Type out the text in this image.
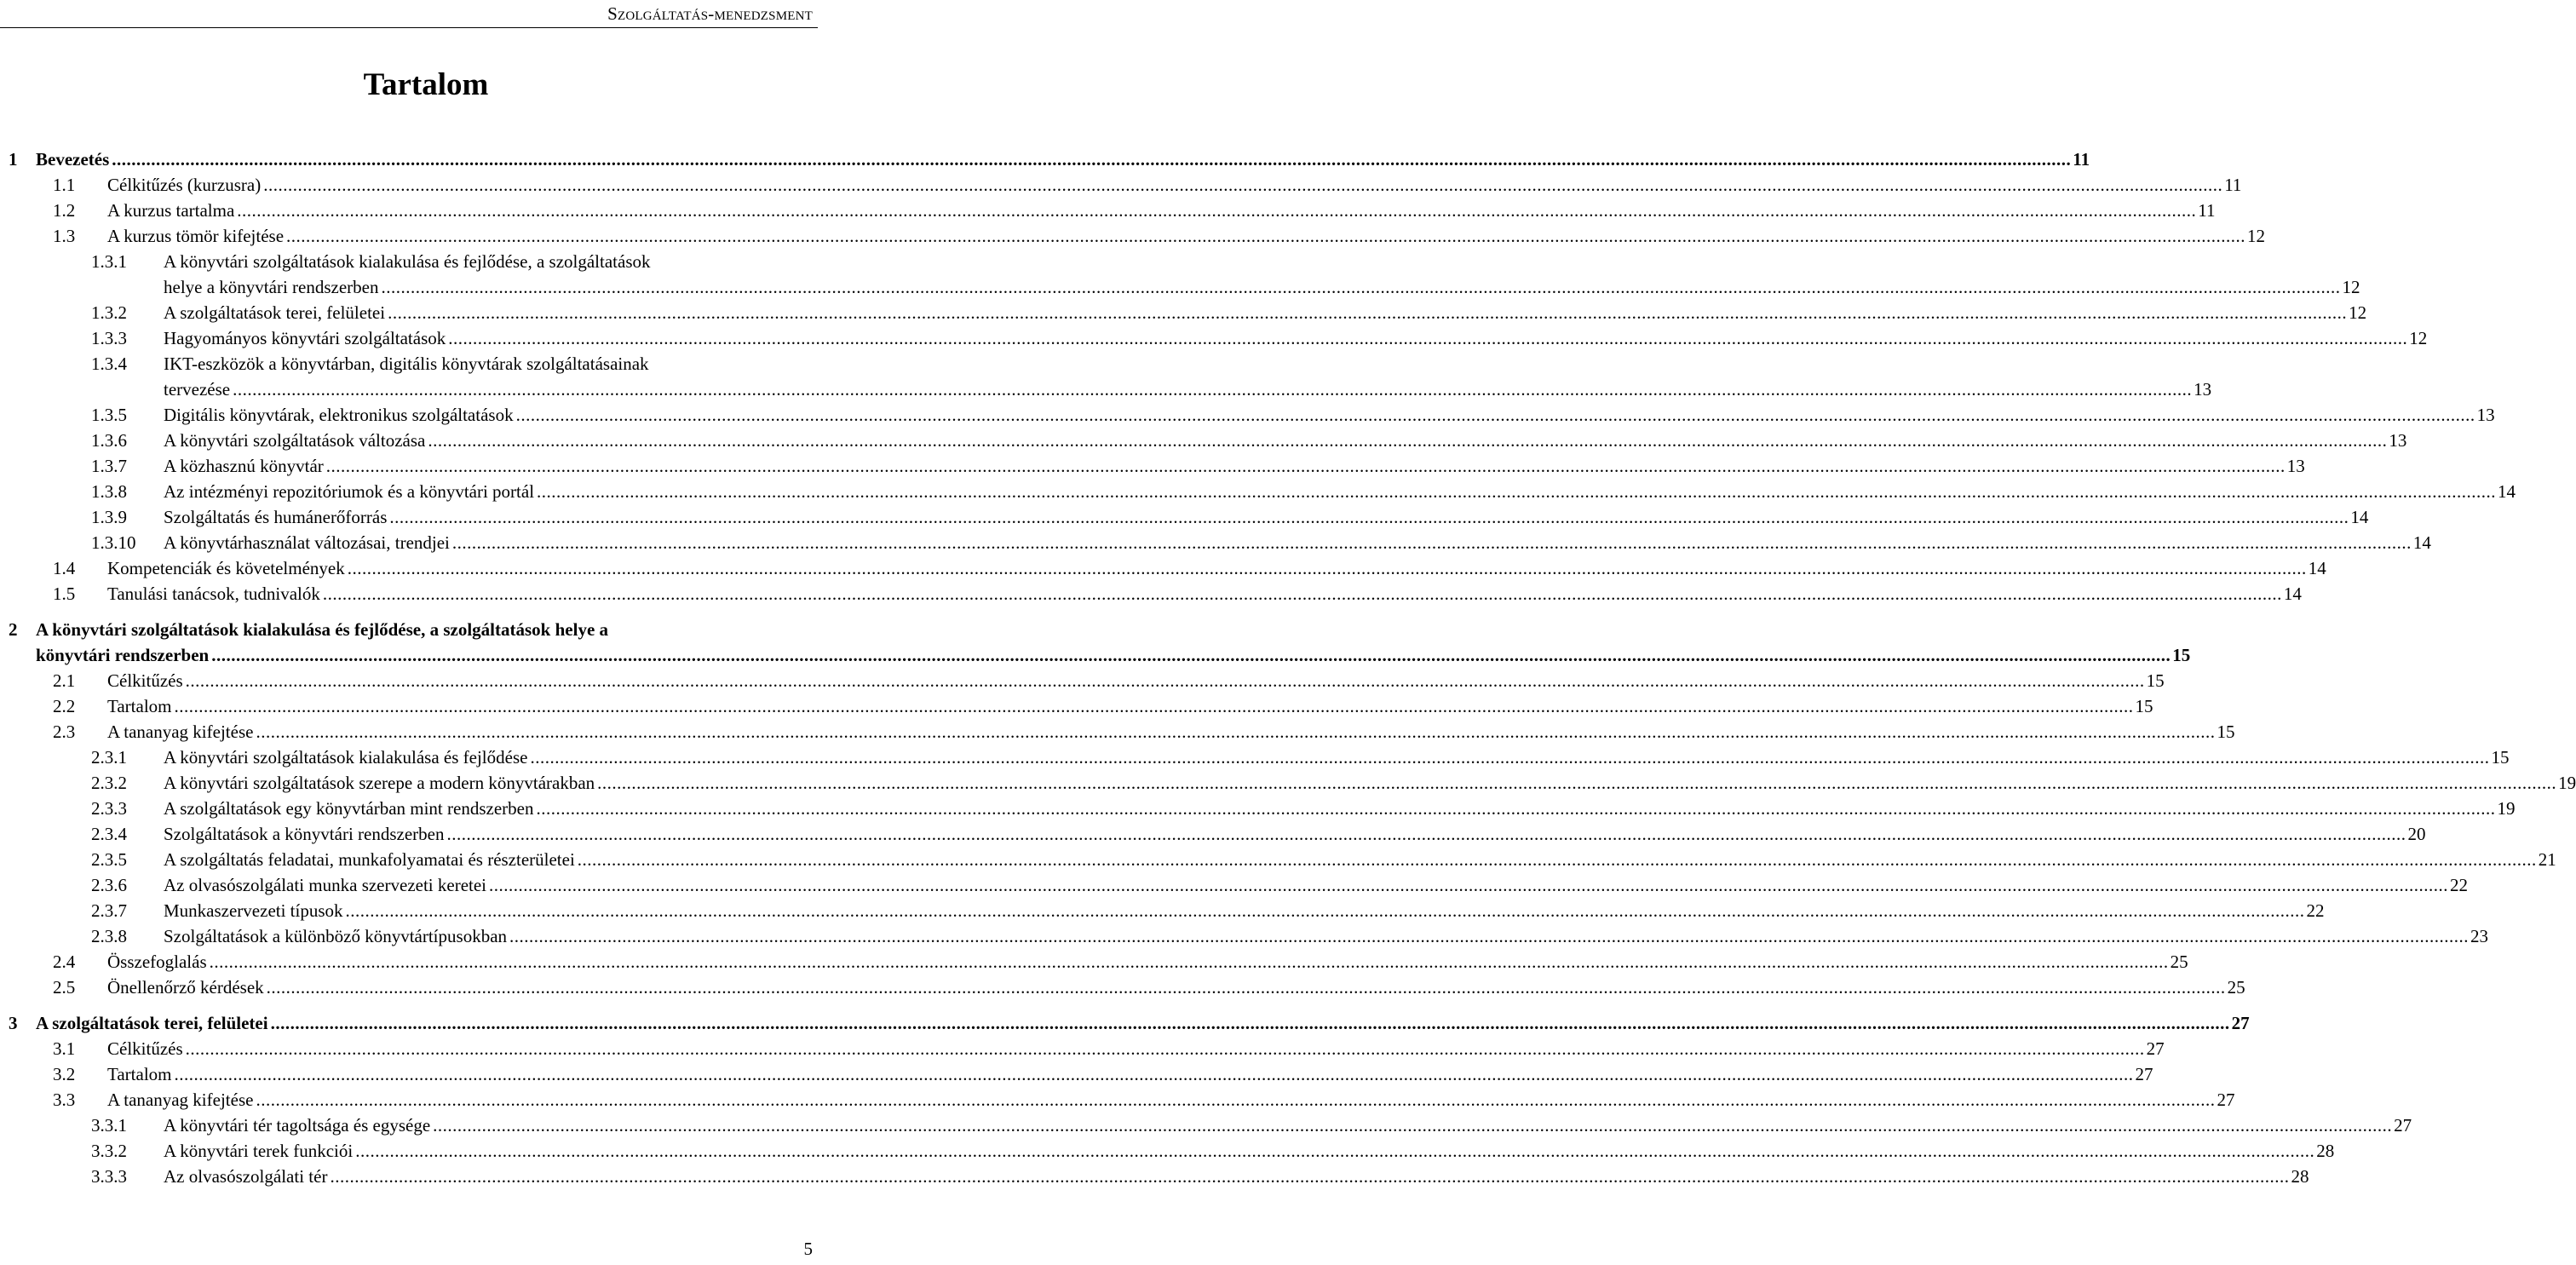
Szolgáltatás-menedzsment
Tartalom
1 Bevezetés ................................................................................................................................................................................................................................................................................................................................................................................................................ 11
1.1 Célkitűzés (kurzusra) ................................................................................................................................................................................................................................................................................................................................................................................................................ 11
1.2 A kurzus tartalma ................................................................................................................................................................................................................................................................................................................................................................................................................ 11
1.3 A kurzus tömör kifejtése ................................................................................................................................................................................................................................................................................................................................................................................................................ 12
1.3.1 A könyvtári szolgáltatások kialakulása és fejlődése, a szolgáltatások
helye a könyvtári rendszerben ................................................................................................................................................................................................................................................................................................................................................................................................................ 12
1.3.2 A szolgáltatások terei, felületei ................................................................................................................................................................................................................................................................................................................................................................................................................ 12
1.3.3 Hagyományos könyvtári szolgáltatások ................................................................................................................................................................................................................................................................................................................................................................................................................ 12
1.3.4 IKT-eszközök a könyvtárban, digitális könyvtárak szolgáltatásainak
tervezése ................................................................................................................................................................................................................................................................................................................................................................................................................ 13
1.3.5 Digitális könyvtárak, elektronikus szolgáltatások ................................................................................................................................................................................................................................................................................................................................................................................................................ 13
1.3.6 A könyvtári szolgáltatások változása ................................................................................................................................................................................................................................................................................................................................................................................................................ 13
1.3.7 A közhasznú könyvtár ................................................................................................................................................................................................................................................................................................................................................................................................................ 13
1.3.8 Az intézményi repozitóriumok és a könyvtári portál ................................................................................................................................................................................................................................................................................................................................................................................................................ 14
1.3.9 Szolgáltatás és humánerőforrás ................................................................................................................................................................................................................................................................................................................................................................................................................ 14
1.3.10 A könyvtárhasználat változásai, trendjei ................................................................................................................................................................................................................................................................................................................................................................................................................ 14
1.4 Kompetenciák és követelmények ................................................................................................................................................................................................................................................................................................................................................................................................................ 14
1.5 Tanulási tanácsok, tudnivalók ................................................................................................................................................................................................................................................................................................................................................................................................................ 14
2 A könyvtári szolgáltatások kialakulása és fejlődése, a szolgáltatások helye a
könyvtári rendszerben ................................................................................................................................................................................................................................................................................................................................................................................................................ 15
2.1 Célkitűzés ................................................................................................................................................................................................................................................................................................................................................................................................................ 15
2.2 Tartalom ................................................................................................................................................................................................................................................................................................................................................................................................................ 15
2.3 A tananyag kifejtése ................................................................................................................................................................................................................................................................................................................................................................................................................ 15
2.3.1 A könyvtári szolgáltatások kialakulása és fejlődése ................................................................................................................................................................................................................................................................................................................................................................................................................ 15
2.3.2 A könyvtári szolgáltatások szerepe a modern könyvtárakban ................................................................................................................................................................................................................................................................................................................................................................................................................ 19
2.3.3 A szolgáltatások egy könyvtárban mint rendszerben ................................................................................................................................................................................................................................................................................................................................................................................................................ 19
2.3.4 Szolgáltatások a könyvtári rendszerben ................................................................................................................................................................................................................................................................................................................................................................................................................ 20
2.3.5 A szolgáltatás feladatai, munkafolyamatai és részterületei ................................................................................................................................................................................................................................................................................................................................................................................................................ 21
2.3.6 Az olvasószolgálati munka szervezeti keretei ................................................................................................................................................................................................................................................................................................................................................................................................................ 22
2.3.7 Munkaszervezeti típusok ................................................................................................................................................................................................................................................................................................................................................................................................................ 22
2.3.8 Szolgáltatások a különböző könyvtártípusokban ................................................................................................................................................................................................................................................................................................................................................................................................................ 23
2.4 Összefoglalás ................................................................................................................................................................................................................................................................................................................................................................................................................ 25
2.5 Önellenőrző kérdések ................................................................................................................................................................................................................................................................................................................................................................................................................ 25
3 A szolgáltatások terei, felületei ................................................................................................................................................................................................................................................................................................................................................................................................................ 27
3.1 Célkitűzés ................................................................................................................................................................................................................................................................................................................................................................................................................ 27
3.2 Tartalom ................................................................................................................................................................................................................................................................................................................................................................................................................ 27
3.3 A tananyag kifejtése ................................................................................................................................................................................................................................................................................................................................................................................................................ 27
3.3.1 A könyvtári tér tagoltsága és egysége ................................................................................................................................................................................................................................................................................................................................................................................................................ 27
3.3.2 A könyvtári terek funkciói ................................................................................................................................................................................................................................................................................................................................................................................................................ 28
3.3.3 Az olvasószolgálati tér ................................................................................................................................................................................................................................................................................................................................................................................................................ 28
5
